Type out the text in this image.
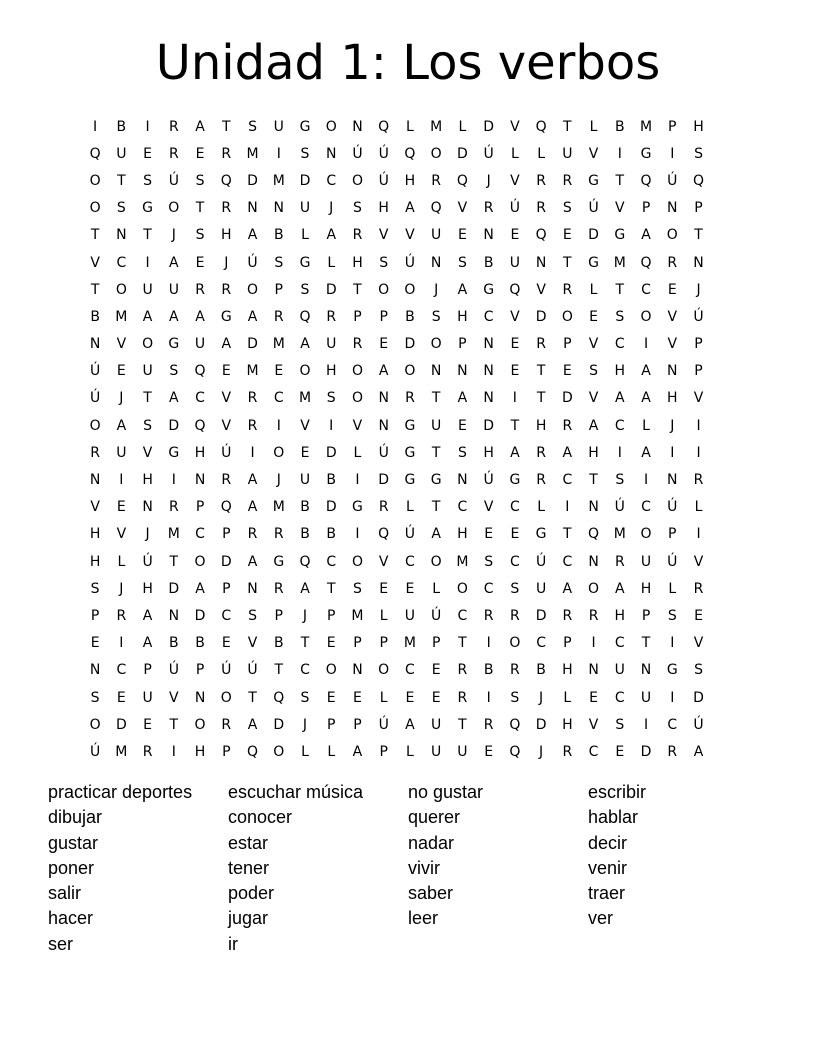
Unidad 1: Los verbos
I	B	I	R	A	T	S	U	G	O	N	Q	L	M	L	D	V	Q	T	L	B	M	P	H
Q	U	E	R	E	R	M	I	S	N	Ú	Ú	Q	O	D	Ú	L	L	U	V	I	G	I	S
O	T	S	Ú	S	Q	D	M	D	C	O	Ú	H	R	Q	J	V	R	R	G	T	Q	Ú	Q
O	S	G	O	T	R	N	N	U	J	S	H	A	Q	V	R	Ú	R	S	Ú	V	P	N	P
T	N	T	J	S	H	A	B	L	A	R	V	V	U	E	N	E	Q	E	D	G	A	O	T
V	C	I	A	E	J	Ú	S	G	L	H	S	Ú	N	S	B	U	N	T	G	M	Q	R	N
T	O	U	U	R	R	O	P	S	D	T	O	O	J	A	G	Q	V	R	L	T	C	E	J
B	M	A	A	A	G	A	R	Q	R	P	P	B	S	H	C	V	D	O	E	S	O	V	Ú
N	V	O	G	U	A	D	M	A	U	R	E	D	O	P	N	E	R	P	V	C	I	V	P
Ú	E	U	S	Q	E	M	E	O	H	O	A	O	N	N	N	E	T	E	S	H	A	N	P
Ú	J	T	A	C	V	R	C	M	S	O	N	R	T	A	N	I	T	D	V	A	A	H	V
O	A	S	D	Q	V	R	I	V	I	V	N	G	U	E	D	T	H	R	A	C	L	J	I
R	U	V	G	H	Ú	I	O	E	D	L	Ú	G	T	S	H	A	R	A	H	I	A	I	I
N	I	H	I	N	R	A	J	U	B	I	D	G	G	N	Ú	G	R	C	T	S	I	N	R
V	E	N	R	P	Q	A	M	B	D	G	R	L	T	C	V	C	L	I	N	Ú	C	Ú	L
H	V	J	M	C	P	R	R	B	B	I	Q	Ú	A	H	E	E	G	T	Q	M	O	P	I
H	L	Ú	T	O	D	A	G	Q	C	O	V	C	O	M	S	C	Ú	C	N	R	U	Ú	V
S	J	H	D	A	P	N	R	A	T	S	E	E	L	O	C	S	U	A	O	A	H	L	R
P	R	A	N	D	C	S	P	J	P	M	L	U	Ú	C	R	R	D	R	R	H	P	S	E
E	I	A	B	B	E	V	B	T	E	P	P	M	P	T	I	O	C	P	I	C	T	I	V
N	C	P	Ú	P	Ú	Ú	T	C	O	N	O	C	E	R	B	R	B	H	N	U	N	G	S
S	E	U	V	N	O	T	Q	S	E	E	L	E	E	R	I	S	J	L	E	C	U	I	D
O	D	E	T	O	R	A	D	J	P	P	Ú	A	U	T	R	Q	D	H	V	S	I	C	Ú
Ú	M	R	I	H	P	Q	O	L	L	A	P	L	U	U	E	Q	J	R	C	E	D	R	A
practicar deportes	escuchar música	no gustar	escribir
dibujar	conocer	querer	hablar
gustar	estar	nadar	decir
poner	tener	vivir	venir
salir	poder	saber	traer
hacer	jugar	leer	ver
ser	ir
